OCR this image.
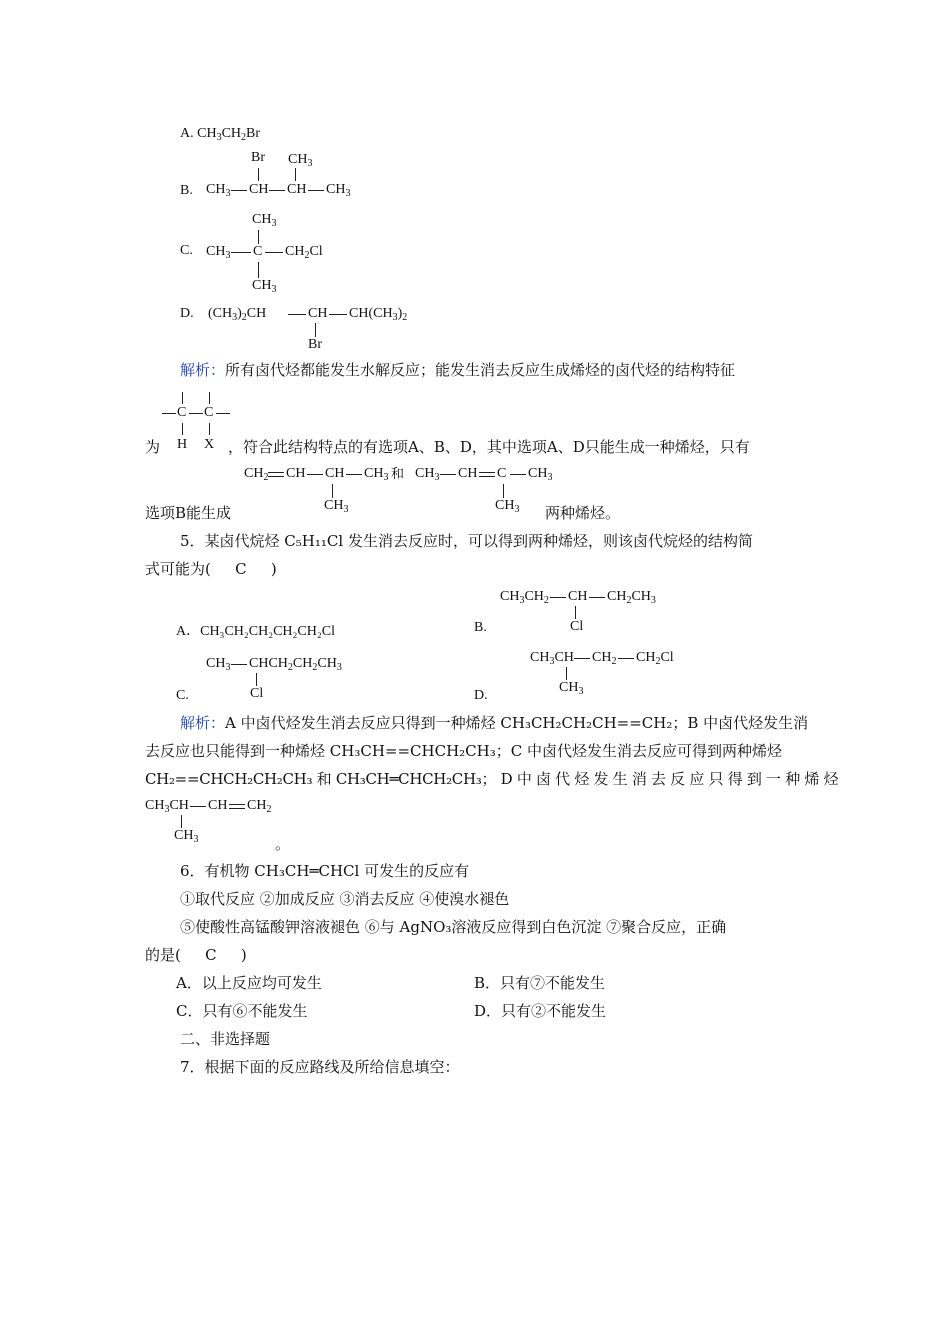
A. $CH_3CH_2Br$
B.
Br $CH_3$
$CH_3$ CH CH $CH_3$
C.
$CH_3$
$CH_3$ C $CH_2Cl$
$CH_3$
D. $(CH_3)_2CH$	CH $CH(CH_3)_2$
Br
解析：所有卤代烃都能发生水解反应；能发生消去反应生成烯烃的卤代烃的结构特征
C C
H X
为	，符合此结构特点的有选项A、B、D，其中选项A、D只能生成一种烯烃，只有
$CH_2$ CH CH $CH_3$
$CH_3$
和 $CH_3$ CH C $CH_3$
$CH_3$
选项B能生成	两种烯烃。
5．某卤代烷烃 C₅H₁₁Cl 发生消去反应时，可以得到两种烯烃，则该卤代烷烃的结构简
式可能为( C )
A．CH₃CH₂CH₂CH₂CH₂Cl	B.
$CH_3CH_2$ CH $CH_2CH_3$
Cl
C.
$CH_3$ $CHCH_2CH_2CH_3$
Cl	D.
$CH_3CH$ $CH_2$ $CH_2Cl$
$CH_3$
解析：A 中卤代烃发生消去反应只得到一种烯烃 CH₃CH₂CH₂CH==CH₂；B 中卤代烃发生消
去反应也只能得到一种烯烃 CH₃CH==CHCH₂CH₃；C 中卤代烃发生消去反应可得到两种烯烃
CH₂==CHCH₂CH₂CH₃ 和 CH₃CH═CHCH₂CH₃； D 中 卤 代 烃 发 生 消 去 反 应 只 得 到 一 种 烯 烃
$CH_3CH$ CH $CH_2$
$CH_3$	。
6．有机物 CH₃CH═CHCl 可发生的反应有
①取代反应 ②加成反应 ③消去反应 ④使溴水褪色
⑤使酸性高锰酸钾溶液褪色 ⑥与 AgNO₃溶液反应得到白色沉淀 ⑦聚合反应，正确
的是( C )
A．以上反应均可发生	B．只有⑦不能发生
C．只有⑥不能发生	D．只有②不能发生
二、非选择题
7．根据下面的反应路线及所给信息填空：
